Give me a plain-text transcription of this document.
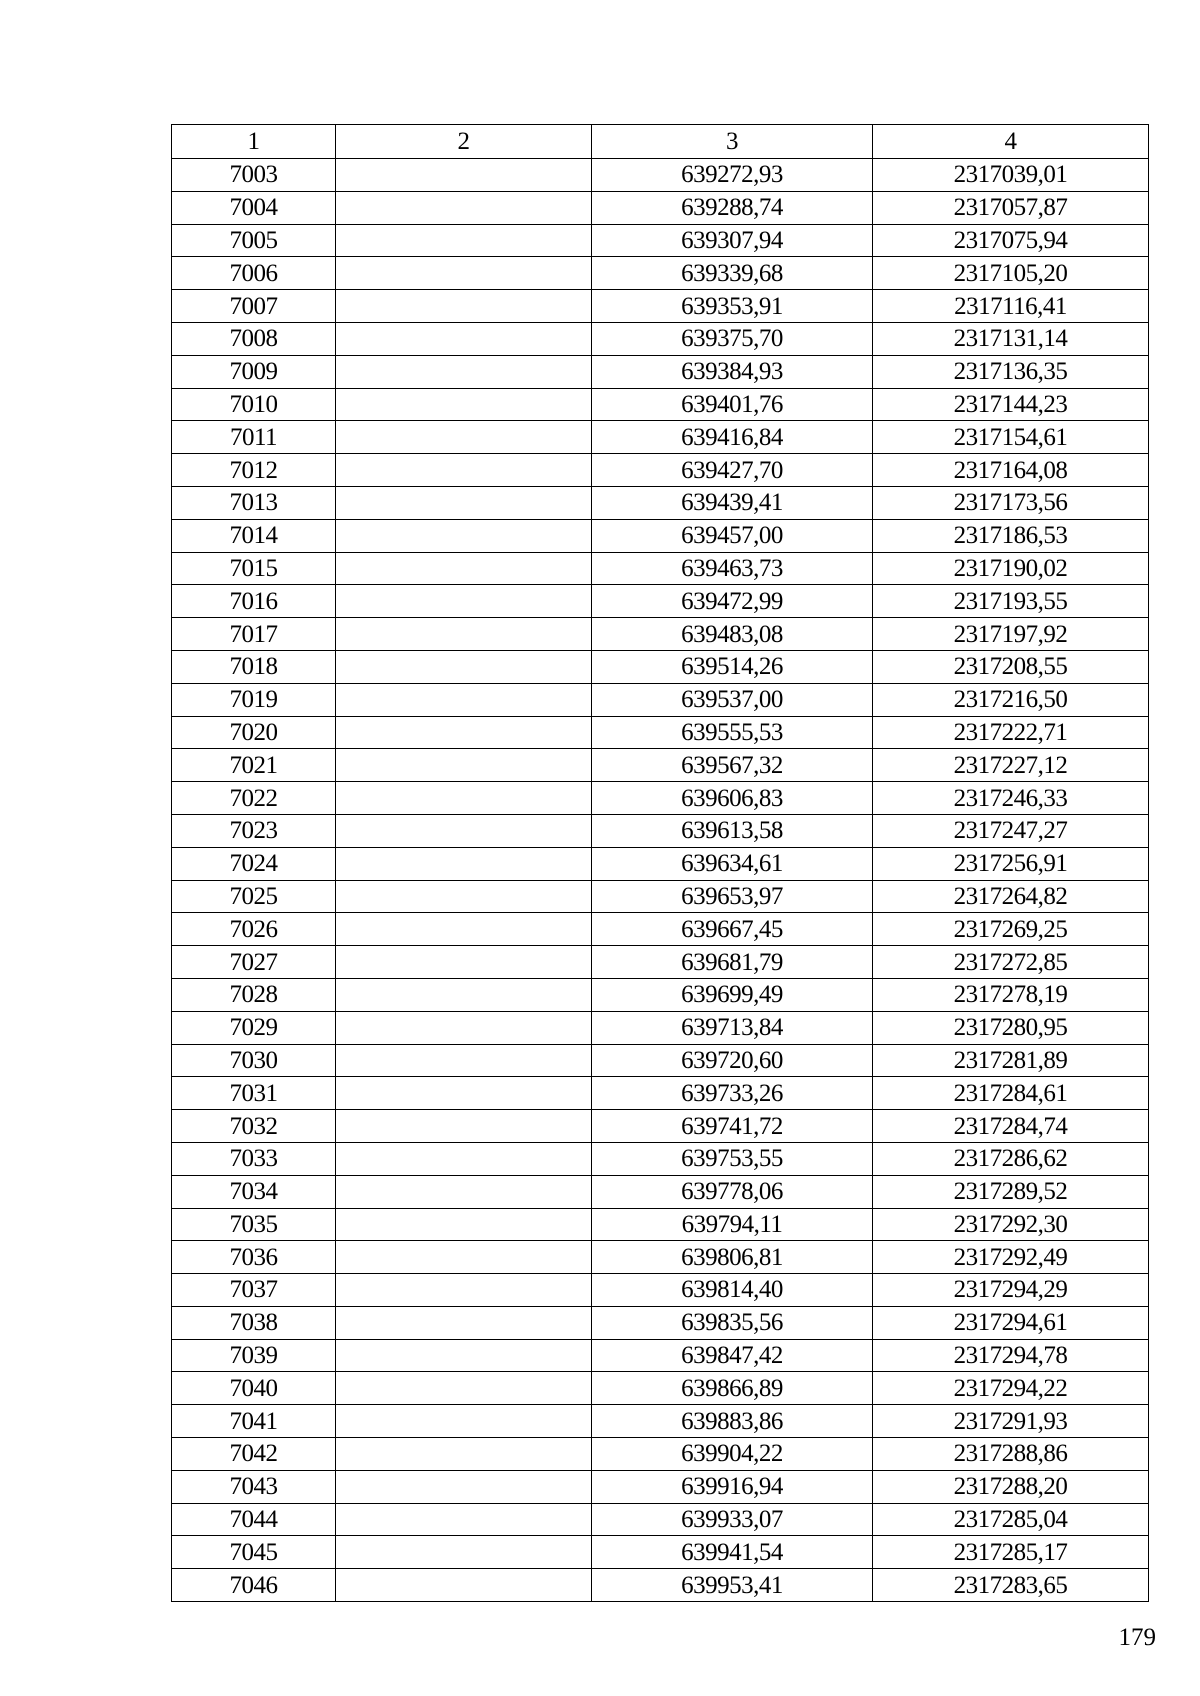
1	2	3	4
7003		639272,93	2317039,01
7004		639288,74	2317057,87
7005		639307,94	2317075,94
7006		639339,68	2317105,20
7007		639353,91	2317116,41
7008		639375,70	2317131,14
7009		639384,93	2317136,35
7010		639401,76	2317144,23
7011		639416,84	2317154,61
7012		639427,70	2317164,08
7013		639439,41	2317173,56
7014		639457,00	2317186,53
7015		639463,73	2317190,02
7016		639472,99	2317193,55
7017		639483,08	2317197,92
7018		639514,26	2317208,55
7019		639537,00	2317216,50
7020		639555,53	2317222,71
7021		639567,32	2317227,12
7022		639606,83	2317246,33
7023		639613,58	2317247,27
7024		639634,61	2317256,91
7025		639653,97	2317264,82
7026		639667,45	2317269,25
7027		639681,79	2317272,85
7028		639699,49	2317278,19
7029		639713,84	2317280,95
7030		639720,60	2317281,89
7031		639733,26	2317284,61
7032		639741,72	2317284,74
7033		639753,55	2317286,62
7034		639778,06	2317289,52
7035		639794,11	2317292,30
7036		639806,81	2317292,49
7037		639814,40	2317294,29
7038		639835,56	2317294,61
7039		639847,42	2317294,78
7040		639866,89	2317294,22
7041		639883,86	2317291,93
7042		639904,22	2317288,86
7043		639916,94	2317288,20
7044		639933,07	2317285,04
7045		639941,54	2317285,17
7046		639953,41	2317283,65
179
